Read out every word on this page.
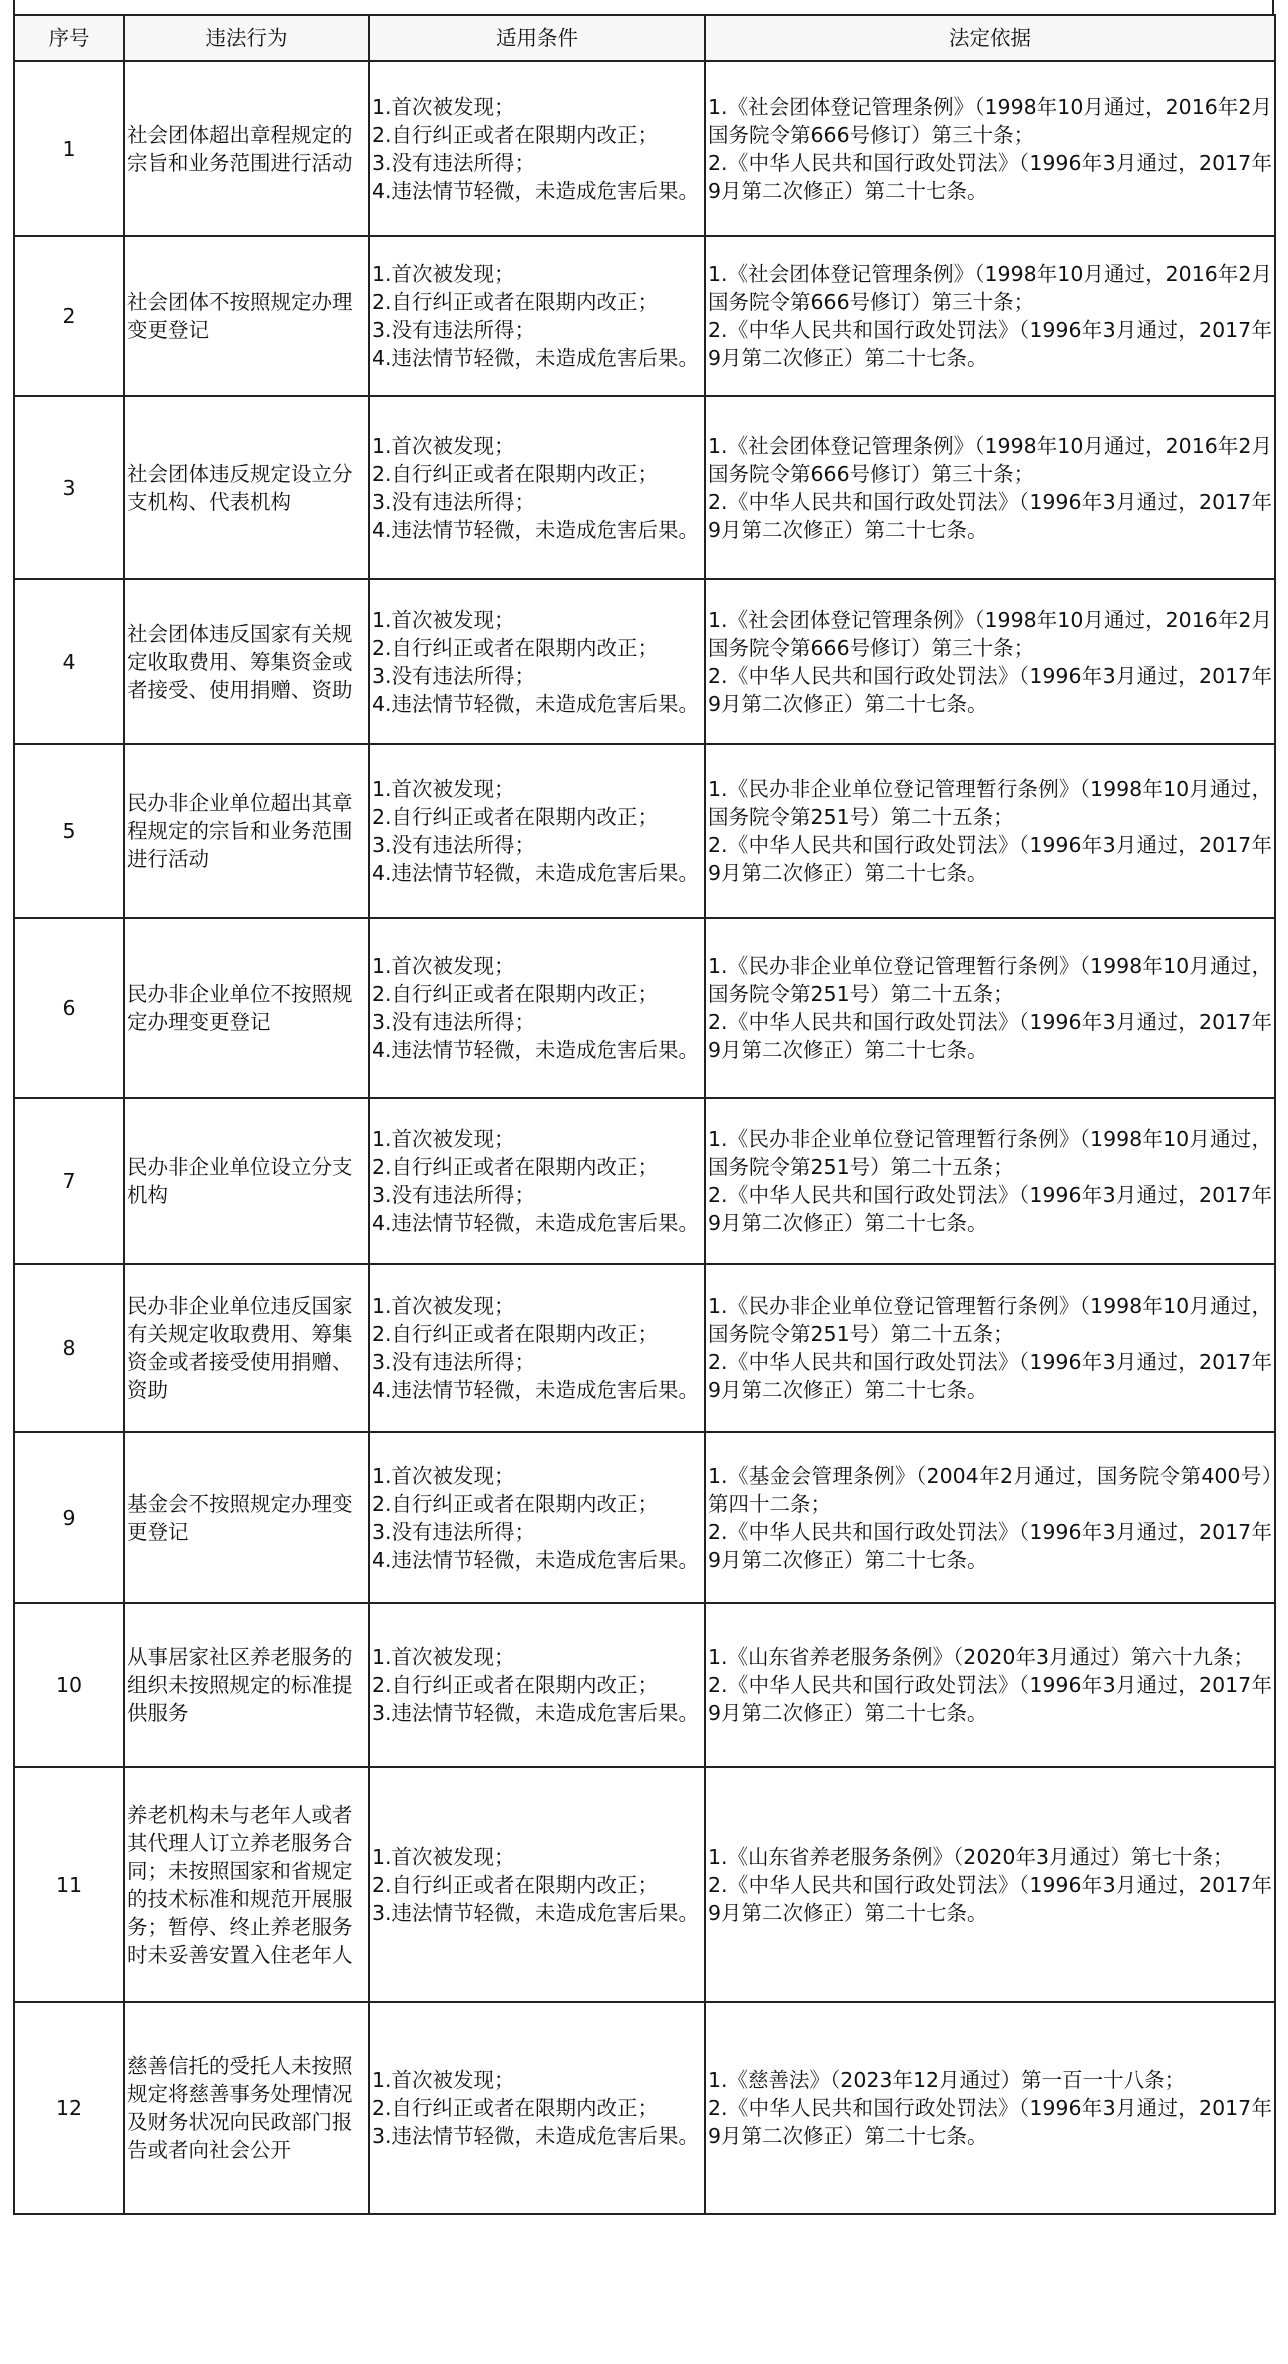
序号	违法行为	适用条件	法定依据
1	社会团体超出章程规定的宗旨和业务范围进行活动	1.首次被发现；
2.自行纠正或者在限期内改正；
3.没有违法所得；
4.违法情节轻微，未造成危害后果。	1.《社会团体登记管理条例》（1998年10月通过，2016年2月国务院令第666号修订）第三十条；
2.《中华人民共和国行政处罚法》（1996年3月通过，2017年9月第二次修正）第二十七条。

2	社会团体不按照规定办理变更登记	1.首次被发现；
2.自行纠正或者在限期内改正；
3.没有违法所得；
4.违法情节轻微，未造成危害后果。	1.《社会团体登记管理条例》（1998年10月通过，2016年2月国务院令第666号修订）第三十条；
2.《中华人民共和国行政处罚法》（1996年3月通过，2017年9月第二次修正）第二十七条。

3	社会团体违反规定设立分支机构、代表机构	1.首次被发现；
2.自行纠正或者在限期内改正；
3.没有违法所得；
4.违法情节轻微，未造成危害后果。	1.《社会团体登记管理条例》（1998年10月通过，2016年2月国务院令第666号修订）第三十条；
2.《中华人民共和国行政处罚法》（1996年3月通过，2017年9月第二次修正）第二十七条。

4	社会团体违反国家有关规定收取费用、筹集资金或者接受、使用捐赠、资助	1.首次被发现；
2.自行纠正或者在限期内改正；
3.没有违法所得；
4.违法情节轻微，未造成危害后果。	1.《社会团体登记管理条例》（1998年10月通过，2016年2月国务院令第666号修订）第三十条；
2.《中华人民共和国行政处罚法》（1996年3月通过，2017年9月第二次修正）第二十七条。

5	民办非企业单位超出其章程规定的宗旨和业务范围进行活动	1.首次被发现；
2.自行纠正或者在限期内改正；
3.没有违法所得；
4.违法情节轻微，未造成危害后果。	1.《民办非企业单位登记管理暂行条例》（1998年10月通过，国务院令第251号）第二十五条；
2.《中华人民共和国行政处罚法》（1996年3月通过，2017年9月第二次修正）第二十七条。

6	民办非企业单位不按照规定办理变更登记	1.首次被发现；
2.自行纠正或者在限期内改正；
3.没有违法所得；
4.违法情节轻微，未造成危害后果。	1.《民办非企业单位登记管理暂行条例》（1998年10月通过，国务院令第251号）第二十五条；
2.《中华人民共和国行政处罚法》（1996年3月通过，2017年9月第二次修正）第二十七条。

7	民办非企业单位设立分支机构	1.首次被发现；
2.自行纠正或者在限期内改正；
3.没有违法所得；
4.违法情节轻微，未造成危害后果。	1.《民办非企业单位登记管理暂行条例》（1998年10月通过，国务院令第251号）第二十五条；
2.《中华人民共和国行政处罚法》（1996年3月通过，2017年9月第二次修正）第二十七条。

8	民办非企业单位违反国家有关规定收取费用、筹集资金或者接受使用捐赠、资助	1.首次被发现；
2.自行纠正或者在限期内改正；
3.没有违法所得；
4.违法情节轻微，未造成危害后果。	1.《民办非企业单位登记管理暂行条例》（1998年10月通过，国务院令第251号）第二十五条；
2.《中华人民共和国行政处罚法》（1996年3月通过，2017年9月第二次修正）第二十七条。

9	基金会不按照规定办理变更登记	1.首次被发现；
2.自行纠正或者在限期内改正；
3.没有违法所得；
4.违法情节轻微，未造成危害后果。	1.《基金会管理条例》（2004年2月通过，国务院令第400号）第四十二条；
2.《中华人民共和国行政处罚法》（1996年3月通过，2017年9月第二次修正）第二十七条。

10	从事居家社区养老服务的组织未按照规定的标准提供服务	1.首次被发现；
2.自行纠正或者在限期内改正；
3.违法情节轻微，未造成危害后果。	1.《山东省养老服务条例》（2020年3月通过）第六十九条；
2.《中华人民共和国行政处罚法》（1996年3月通过，2017年9月第二次修正）第二十七条。

11	养老机构未与老年人或者其代理人订立养老服务合同；未按照国家和省规定的技术标准和规范开展服务；暂停、终止养老服务时未妥善安置入住老年人	1.首次被发现；
2.自行纠正或者在限期内改正；
3.违法情节轻微，未造成危害后果。	1.《山东省养老服务条例》（2020年3月通过）第七十条；
2.《中华人民共和国行政处罚法》（1996年3月通过，2017年9月第二次修正）第二十七条。

12	慈善信托的受托人未按照规定将慈善事务处理情况及财务状况向民政部门报告或者向社会公开	1.首次被发现；
2.自行纠正或者在限期内改正；
3.违法情节轻微，未造成危害后果。	1.《慈善法》（2023年12月通过）第一百一十八条；
2.《中华人民共和国行政处罚法》（1996年3月通过，2017年9月第二次修正）第二十七条。
